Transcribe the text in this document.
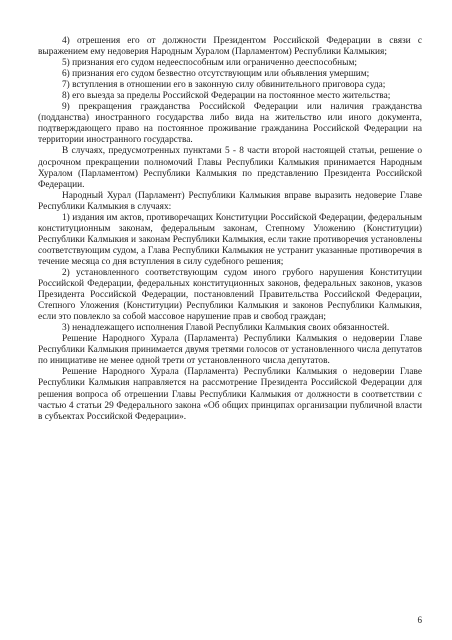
4) отрешения его от должности Президентом Российской Федерации в связи с выражением ему недоверия Народным Хуралом (Парламентом) Республики Калмыкия;

5) признания его судом недееспособным или ограниченно дееспособным;

6) признания его судом безвестно отсутствующим или объявления умершим;

7) вступления в отношении его в законную силу обвинительного приговора суда;

8) его выезда за пределы Российской Федерации на постоянное место жительства;

9) прекращения гражданства Российской Федерации или наличия гражданства (подданства) иностранного государства либо вида на жительство или иного документа, подтверждающего право на постоянное проживание гражданина Российской Федерации на территории иностранного государства.

В случаях, предусмотренных пунктами 5 - 8 части второй настоящей статьи, решение о досрочном прекращении полномочий Главы Республики Калмыкия принимается Народным Хуралом (Парламентом) Республики Калмыкия по представлению Президента Российской Федерации.

Народный Хурал (Парламент) Республики Калмыкия вправе выразить недоверие Главе Республики Калмыкия в случаях:

1) издания им актов, противоречащих Конституции Российской Федерации, федеральным конституционным законам, федеральным законам, Степному Уложению (Конституции) Республики Калмыкия и законам Республики Калмыкия, если такие противоречия установлены соответствующим судом, а Глава Республики Калмыкия не устранит указанные противоречия в течение месяца со дня вступления в силу судебного решения;

2) установленного соответствующим судом иного грубого нарушения Конституции Российской Федерации, федеральных конституционных законов, федеральных законов, указов Президента Российской Федерации, постановлений Правительства Российской Федерации, Степного Уложения (Конституции) Республики Калмыкия и законов Республики Калмыкия, если это повлекло за собой массовое нарушение прав и свобод граждан;

3) ненадлежащего исполнения Главой Республики Калмыкия своих обязанностей.

Решение Народного Хурала (Парламента) Республики Калмыкия о недоверии Главе Республики Калмыкия принимается двумя третями голосов от установленного числа депутатов по инициативе не менее одной трети от установленного числа депутатов.

Решение Народного Хурала (Парламента) Республики Калмыкия о недоверии Главе Республики Калмыкия направляется на рассмотрение Президента Российской Федерации для решения вопроса об отрешении Главы Республики Калмыкия от должности в соответствии с частью 4 статьи 29 Федерального закона «Об общих принципах организации публичной власти в субъектах Российской Федерации».

6
